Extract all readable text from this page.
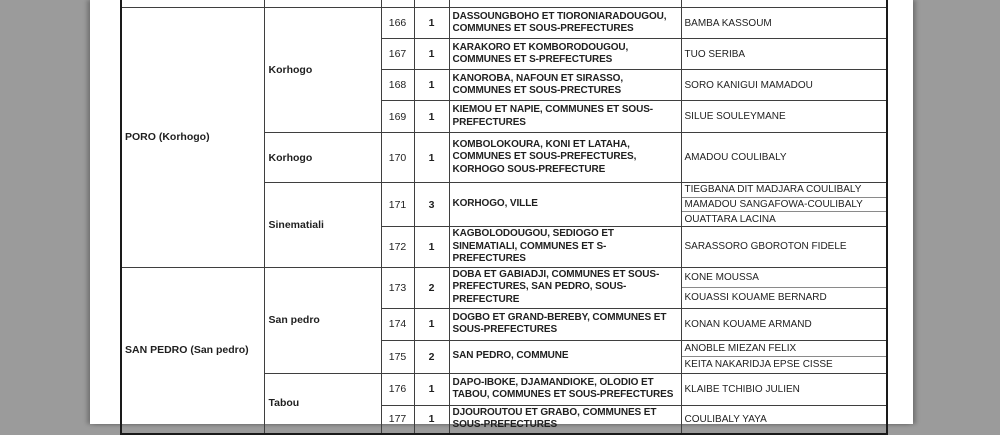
PORO (Korhogo)	Korhogo	166	1	DASSOUNGBOHO ET TIORONIARADOUGOU, COMMUNES ET SOUS-PREFECTURES	BAMBA KASSOUM
		167	1	KARAKORO ET KOMBORODOUGOU, COMMUNES ET S-PREFECTURES	TUO SERIBA
		168	1	KANOROBA, NAFOUN ET SIRASSO, COMMUNES ET SOUS-PRECTURES	SORO KANIGUI MAMADOU
		169	1	KIEMOU ET NAPIE, COMMUNES ET SOUS-PREFECTURES	SILUE SOULEYMANE
	Korhogo	170	1	KOMBOLOKOURA, KONI ET LATAHA, COMMUNES ET SOUS-PREFECTURES, KORHOGO SOUS-PREFECTURE	AMADOU COULIBALY
	Sinematiali	171	3	KORHOGO, VILLE	TIEGBANA DIT MADJARA COULIBALY
MAMADOU SANGAFOWA-COULIBALY
OUATTARA LACINA

		172	1	KAGBOLODOUGOU, SEDIOGO ET SINEMATIALI, COMMUNES ET S-PREFECTURES	SARASSORO GBOROTON FIDELE
SAN PEDRO (San pedro)	San pedro	173	2	DOBA ET GABIADJI, COMMUNES ET SOUS-PREFECTURES, SAN PEDRO, SOUS-PREFECTURE	KONE MOUSSA
KOUASSI KOUAME BERNARD

		174	1	DOGBO ET GRAND-BEREBY, COMMUNES ET SOUS-PREFECTURES	KONAN KOUAME ARMAND
		175	2	SAN PEDRO, COMMUNE	ANOBLE MIEZAN FELIX
KEITA NAKARIDJA EPSE CISSE

	Tabou	176	1	DAPO-IBOKE, DJAMANDIOKE, OLODIO ET TABOU, COMMUNES ET SOUS-PREFECTURES	KLAIBE TCHIBIO JULIEN
		177	1	DJOUROUTOU ET GRABO, COMMUNES ET SOUS-PREFECTURES	COULIBALY YAYA
